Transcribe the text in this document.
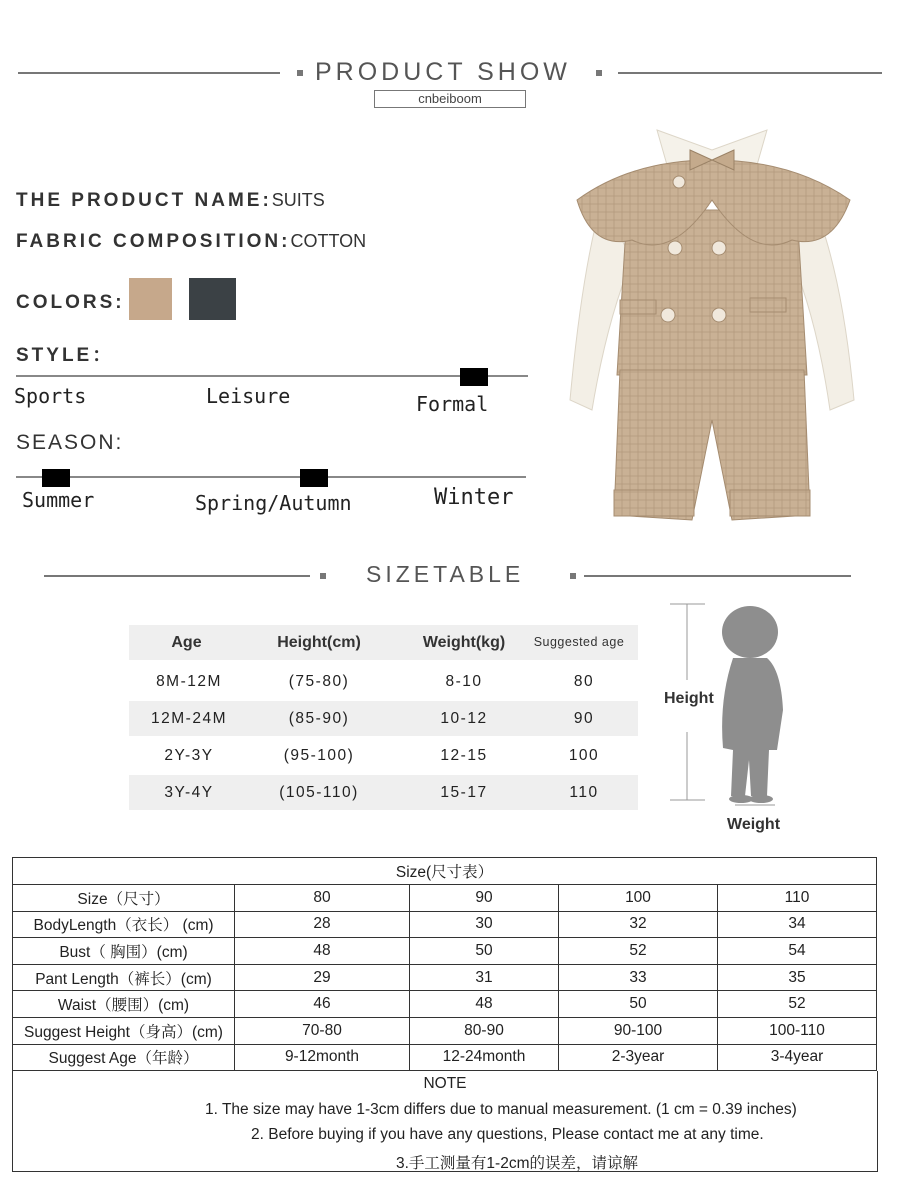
PRODUCT SHOW
cnbeiboom
THE PRODUCT NAME:SUITS
FABRIC COMPOSITION:COTTON
COLORS:
STYLE：
Sports	Leisure	Formal
SEASON:
Summer	Spring/Autumn	Winter
SIZETABLE
Age	Height(cm)	Weight(kg)	Suggested age
8M-12M	(75-80)	8-10	80
12M-24M	(85-90)	10-12	90
2Y-3Y	(95-100)	12-15	100
3Y-4Y	(105-110)	15-17	110
Height
Weight
Size(尺寸表）				
Size（尺寸）	80	90	100	110
BodyLength（衣长） (cm)	28	30	32	34
Bust（ 胸围）(cm)	48	50	52	54
Pant Length（裤长）(cm)	29	31	33	35
Waist（腰围）(cm)	46	48	50	52
Suggest Height（身高）(cm)	70-80	80-90	90-100	100-110
Suggest Age（年龄）	9-12month	12-24month	2-3year	3-4year
NOTE
1. The size may have 1-3cm differs due to manual measurement. (1 cm = 0.39 inches)
2. Before buying if you have any questions, Please contact me at any time.
3.手工测量有1-2cm的误差，请谅解
